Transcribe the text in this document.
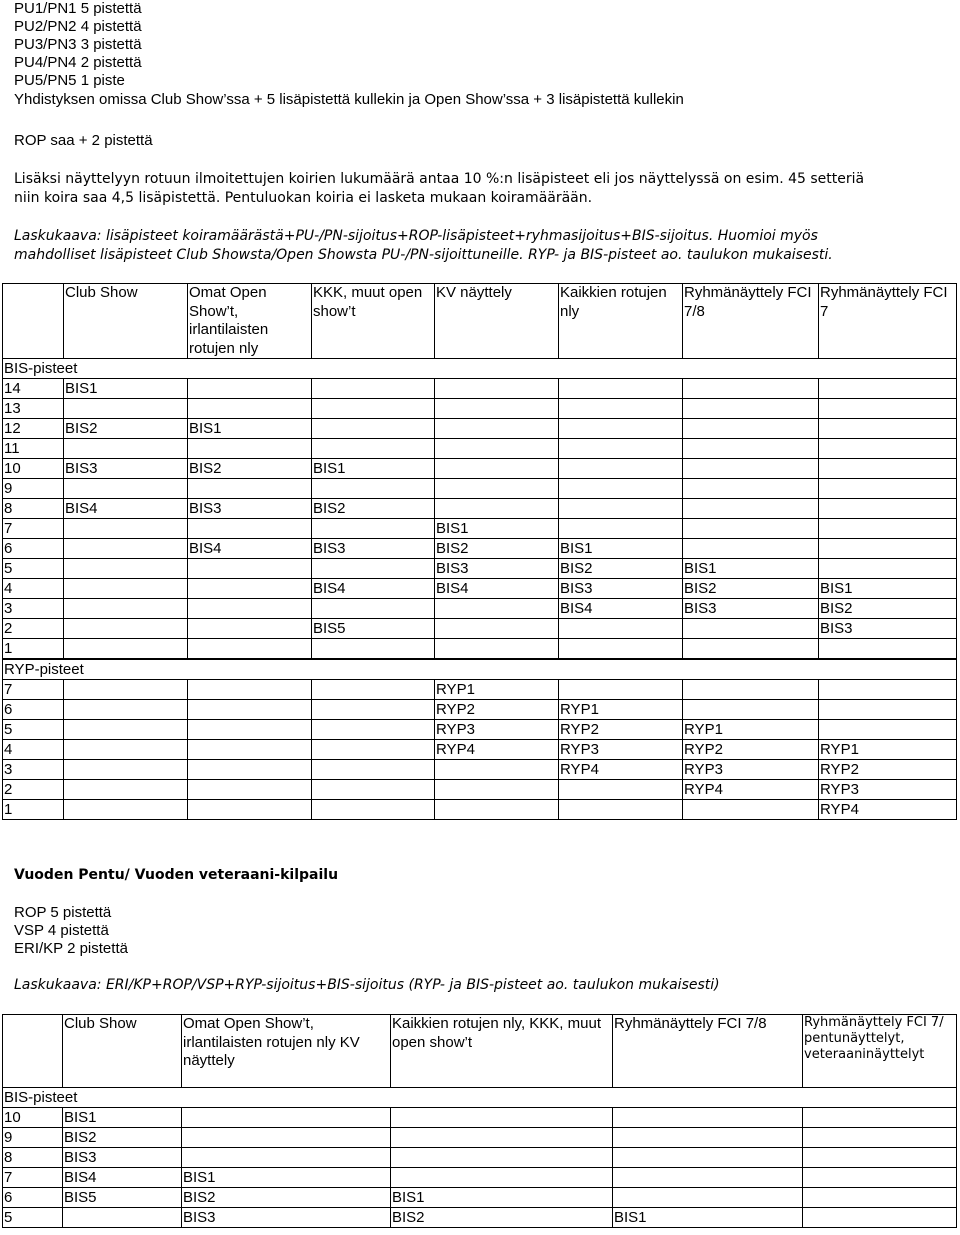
PU1/PN1 5 pistettä
PU2/PN2 4 pistettä
PU3/PN3 3 pistettä
PU4/PN4 2 pistettä
PU5/PN5 1 piste
Yhdistyksen omissa Club Show’ssa + 5 lisäpistettä kullekin ja Open Show’ssa + 3 lisäpistettä kullekin
ROP saa + 2 pistettä
Lisäksi näyttelyyn rotuun ilmoitettujen koirien lukumäärä antaa 10 %:n lisäpisteet eli jos näyttelyssä on esim. 45 setteriä
niin koira saa 4,5 lisäpistettä. Pentuluokan koiria ei lasketa mukaan koiramäärään.
Laskukaava: lisäpisteet koiramäärästä+PU-/PN-sijoitus+ROP-lisäpisteet+ryhmasijoitus+BIS-sijoitus. Huomioi myös
mahdolliset lisäpisteet Club Showsta/Open Showsta PU-/PN-sijoittuneille. RYP- ja BIS-pisteet ao. taulukon mukaisesti.
	Club Show	Omat Open Show’t, irlantilaisten rotujen nly	KKK, muut open show’t	KV näyttely	Kaikkien rotujen nly	Ryhmänäyttely FCI 7/8	Ryhmänäyttely FCI 7
BIS-pisteet							
14	BIS1						
13							
12	BIS2	BIS1					
11							
10	BIS3	BIS2	BIS1				
9							
8	BIS4	BIS3	BIS2				
7				BIS1			
6		BIS4	BIS3	BIS2	BIS1		
5				BIS3	BIS2	BIS1	
4			BIS4	BIS4	BIS3	BIS2	BIS1
3					BIS4	BIS3	BIS2
2			BIS5				BIS3
1							
RYP-pisteet							
7				RYP1			
6				RYP2	RYP1		
5				RYP3	RYP2	RYP1	
4				RYP4	RYP3	RYP2	RYP1
3					RYP4	RYP3	RYP2
2						RYP4	RYP3
1							RYP4
Vuoden Pentu/ Vuoden veteraani-kilpailu
ROP 5 pistettä
VSP 4 pistettä
ERI/KP 2 pistettä
Laskukaava: ERI/KP+ROP/VSP+RYP-sijoitus+BIS-sijoitus (RYP- ja BIS-pisteet ao. taulukon mukaisesti)
	Club Show	Omat Open Show’t, irlantilaisten rotujen nly KV näyttely	Kaikkien rotujen nly, KKK, muut open show’t	Ryhmänäyttely FCI 7/8	Ryhmänäyttely FCI 7/ pentunäyttelyt, veteraaninäyttelyt
BIS-pisteet					
10	BIS1				
9	BIS2				
8	BIS3				
7	BIS4	BIS1			
6	BIS5	BIS2	BIS1		
5		BIS3	BIS2	BIS1	
